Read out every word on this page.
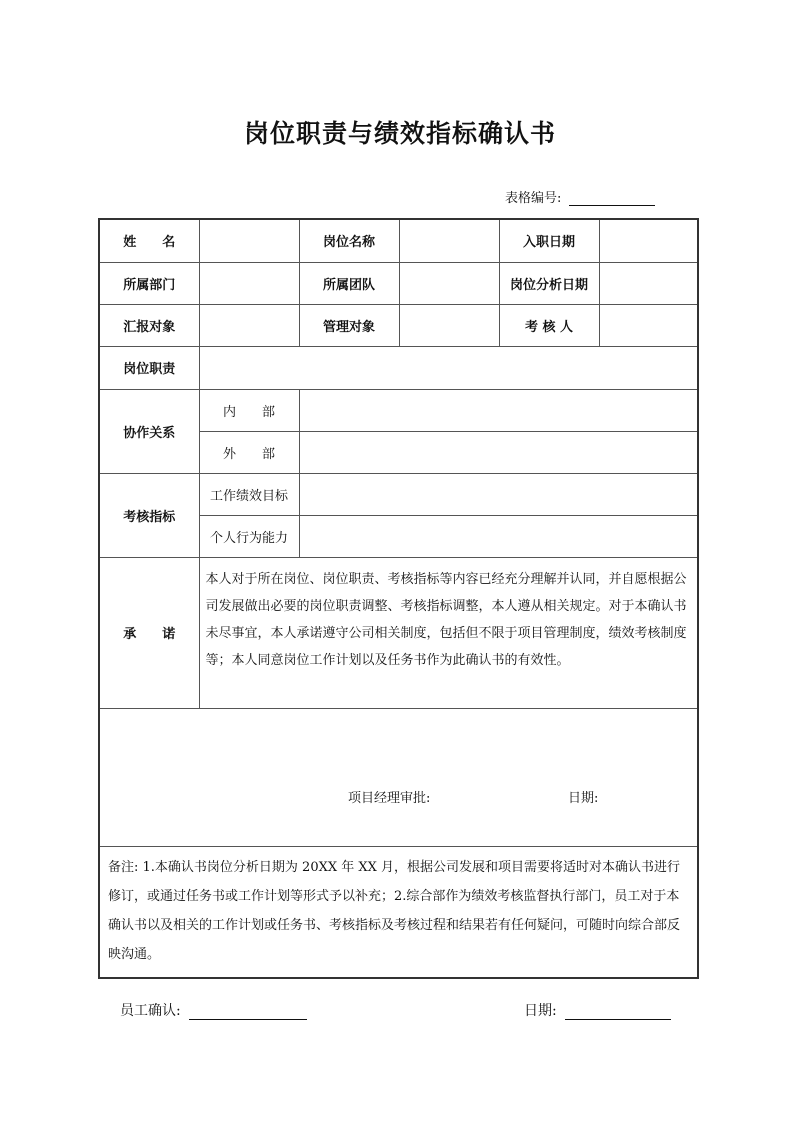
岗位职责与绩效指标确认书
表格编号:
姓　　名		岗位名称		入职日期	
所属部门		所属团队		岗位分析日期	
汇报对象		管理对象		考 核 人	
岗位职责					
协作关系	内　　部				
	外　　部				
考核指标	工作绩效目标				
	个人行为能力				
承　　诺	本人对于所在岗位、岗位职责、考核指标等内容已经充分理解并认同，并自愿根据公司发展做出必要的岗位职责调整、考核指标调整，本人遵从相关规定。对于本确认书未尽事宜，本人承诺遵守公司相关制度，包括但不限于项目管理制度，绩效考核制度等；本人同意岗位工作计划以及任务书作为此确认书的有效性。				

项目经理审批: 日期:					

备注: 1.本确认书岗位分析日期为 20XX 年 XX 月，根据公司发展和项目需要将适时对本确认书进行修订，或通过任务书或工作计划等形式予以补充；2.综合部作为绩效考核监督执行部门，员工对于本确认书以及相关的工作计划或任务书、考核指标及考核过程和结果若有任何疑问，可随时向综合部反映沟通。					
员工确认:	日期:
